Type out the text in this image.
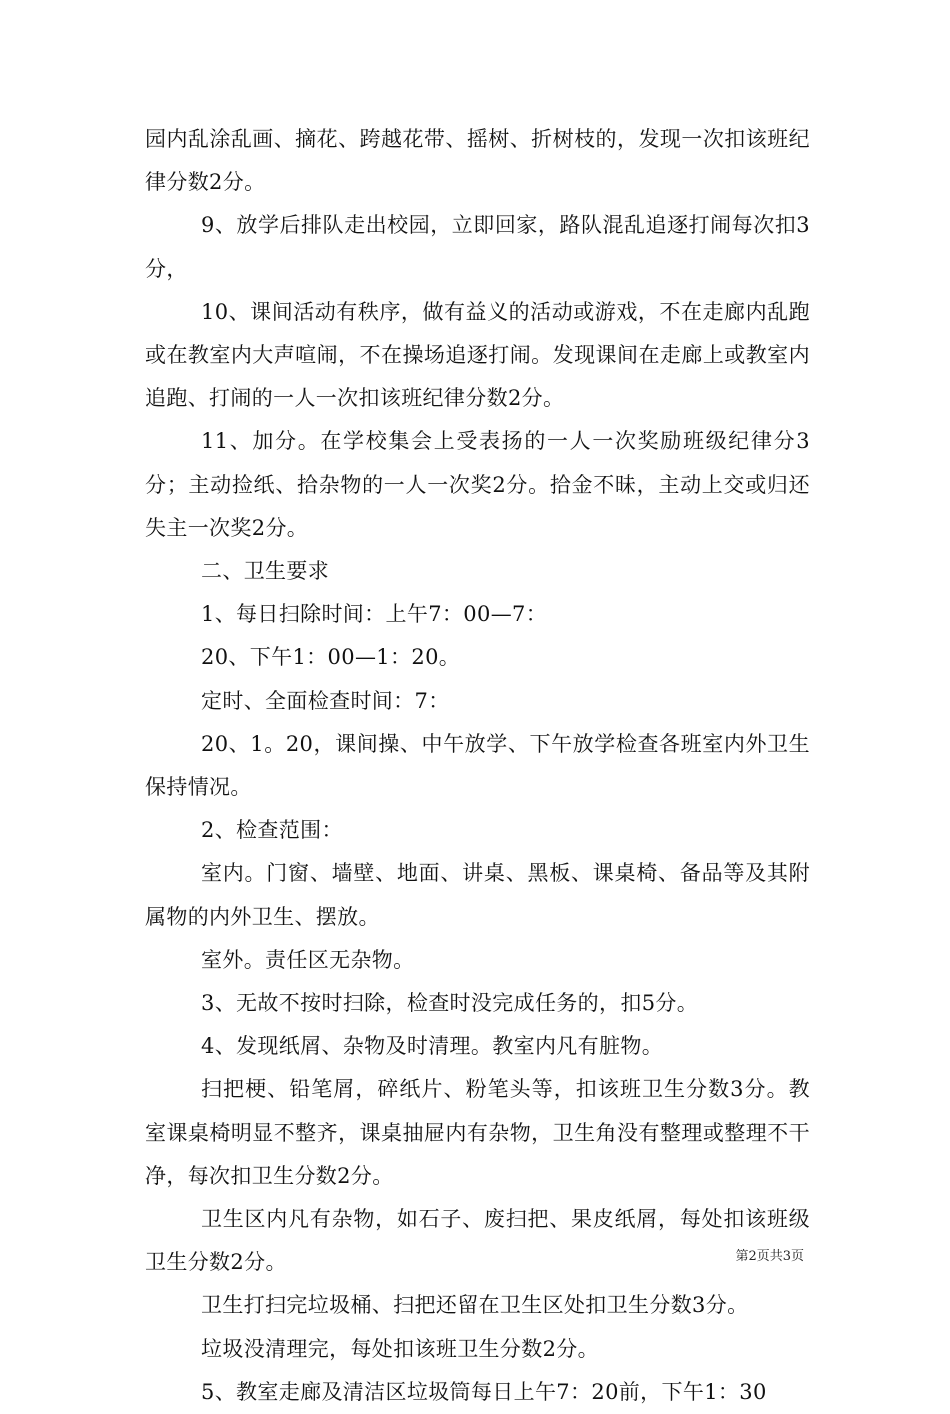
园内乱涂乱画、摘花、跨越花带、摇树、折树枝的，发现一次扣该班纪律分数2分。

9、放学后排队走出校园，立即回家，路队混乱追逐打闹每次扣3分，

10、课间活动有秩序，做有益义的活动或游戏，不在走廊内乱跑或在教室内大声喧闹，不在操场追逐打闹。发现课间在走廊上或教室内追跑、打闹的一人一次扣该班纪律分数2分。

11、加分。在学校集会上受表扬的一人一次奖励班级纪律分3分；主动捡纸、拾杂物的一人一次奖2分。拾金不昧，主动上交或归还失主一次奖2分。

二、卫生要求

1、每日扫除时间：上午7：00—7：

20、下午1：00—1：20。

定时、全面检查时间：7：

20、1。20，课间操、中午放学、下午放学检查各班室内外卫生保持情况。

2、检查范围：

室内。门窗、墙壁、地面、讲桌、黑板、课桌椅、备品等及其附属物的内外卫生、摆放。

室外。责任区无杂物。

3、无故不按时扫除，检查时没完成任务的，扣5分。

4、发现纸屑、杂物及时清理。教室内凡有脏物。

扫把梗、铅笔屑，碎纸片、粉笔头等，扣该班卫生分数3分。教室课桌椅明显不整齐，课桌抽屉内有杂物，卫生角没有整理或整理不干净，每次扣卫生分数2分。

卫生区内凡有杂物，如石子、废扫把、果皮纸屑，每处扣该班级卫生分数2分。

卫生打扫完垃圾桶、扫把还留在卫生区处扣卫生分数3分。

垃圾没清理完，每处扣该班卫生分数2分。

5、教室走廊及清洁区垃圾筒每日上午7：20前，下午1：30

第2页共3页
